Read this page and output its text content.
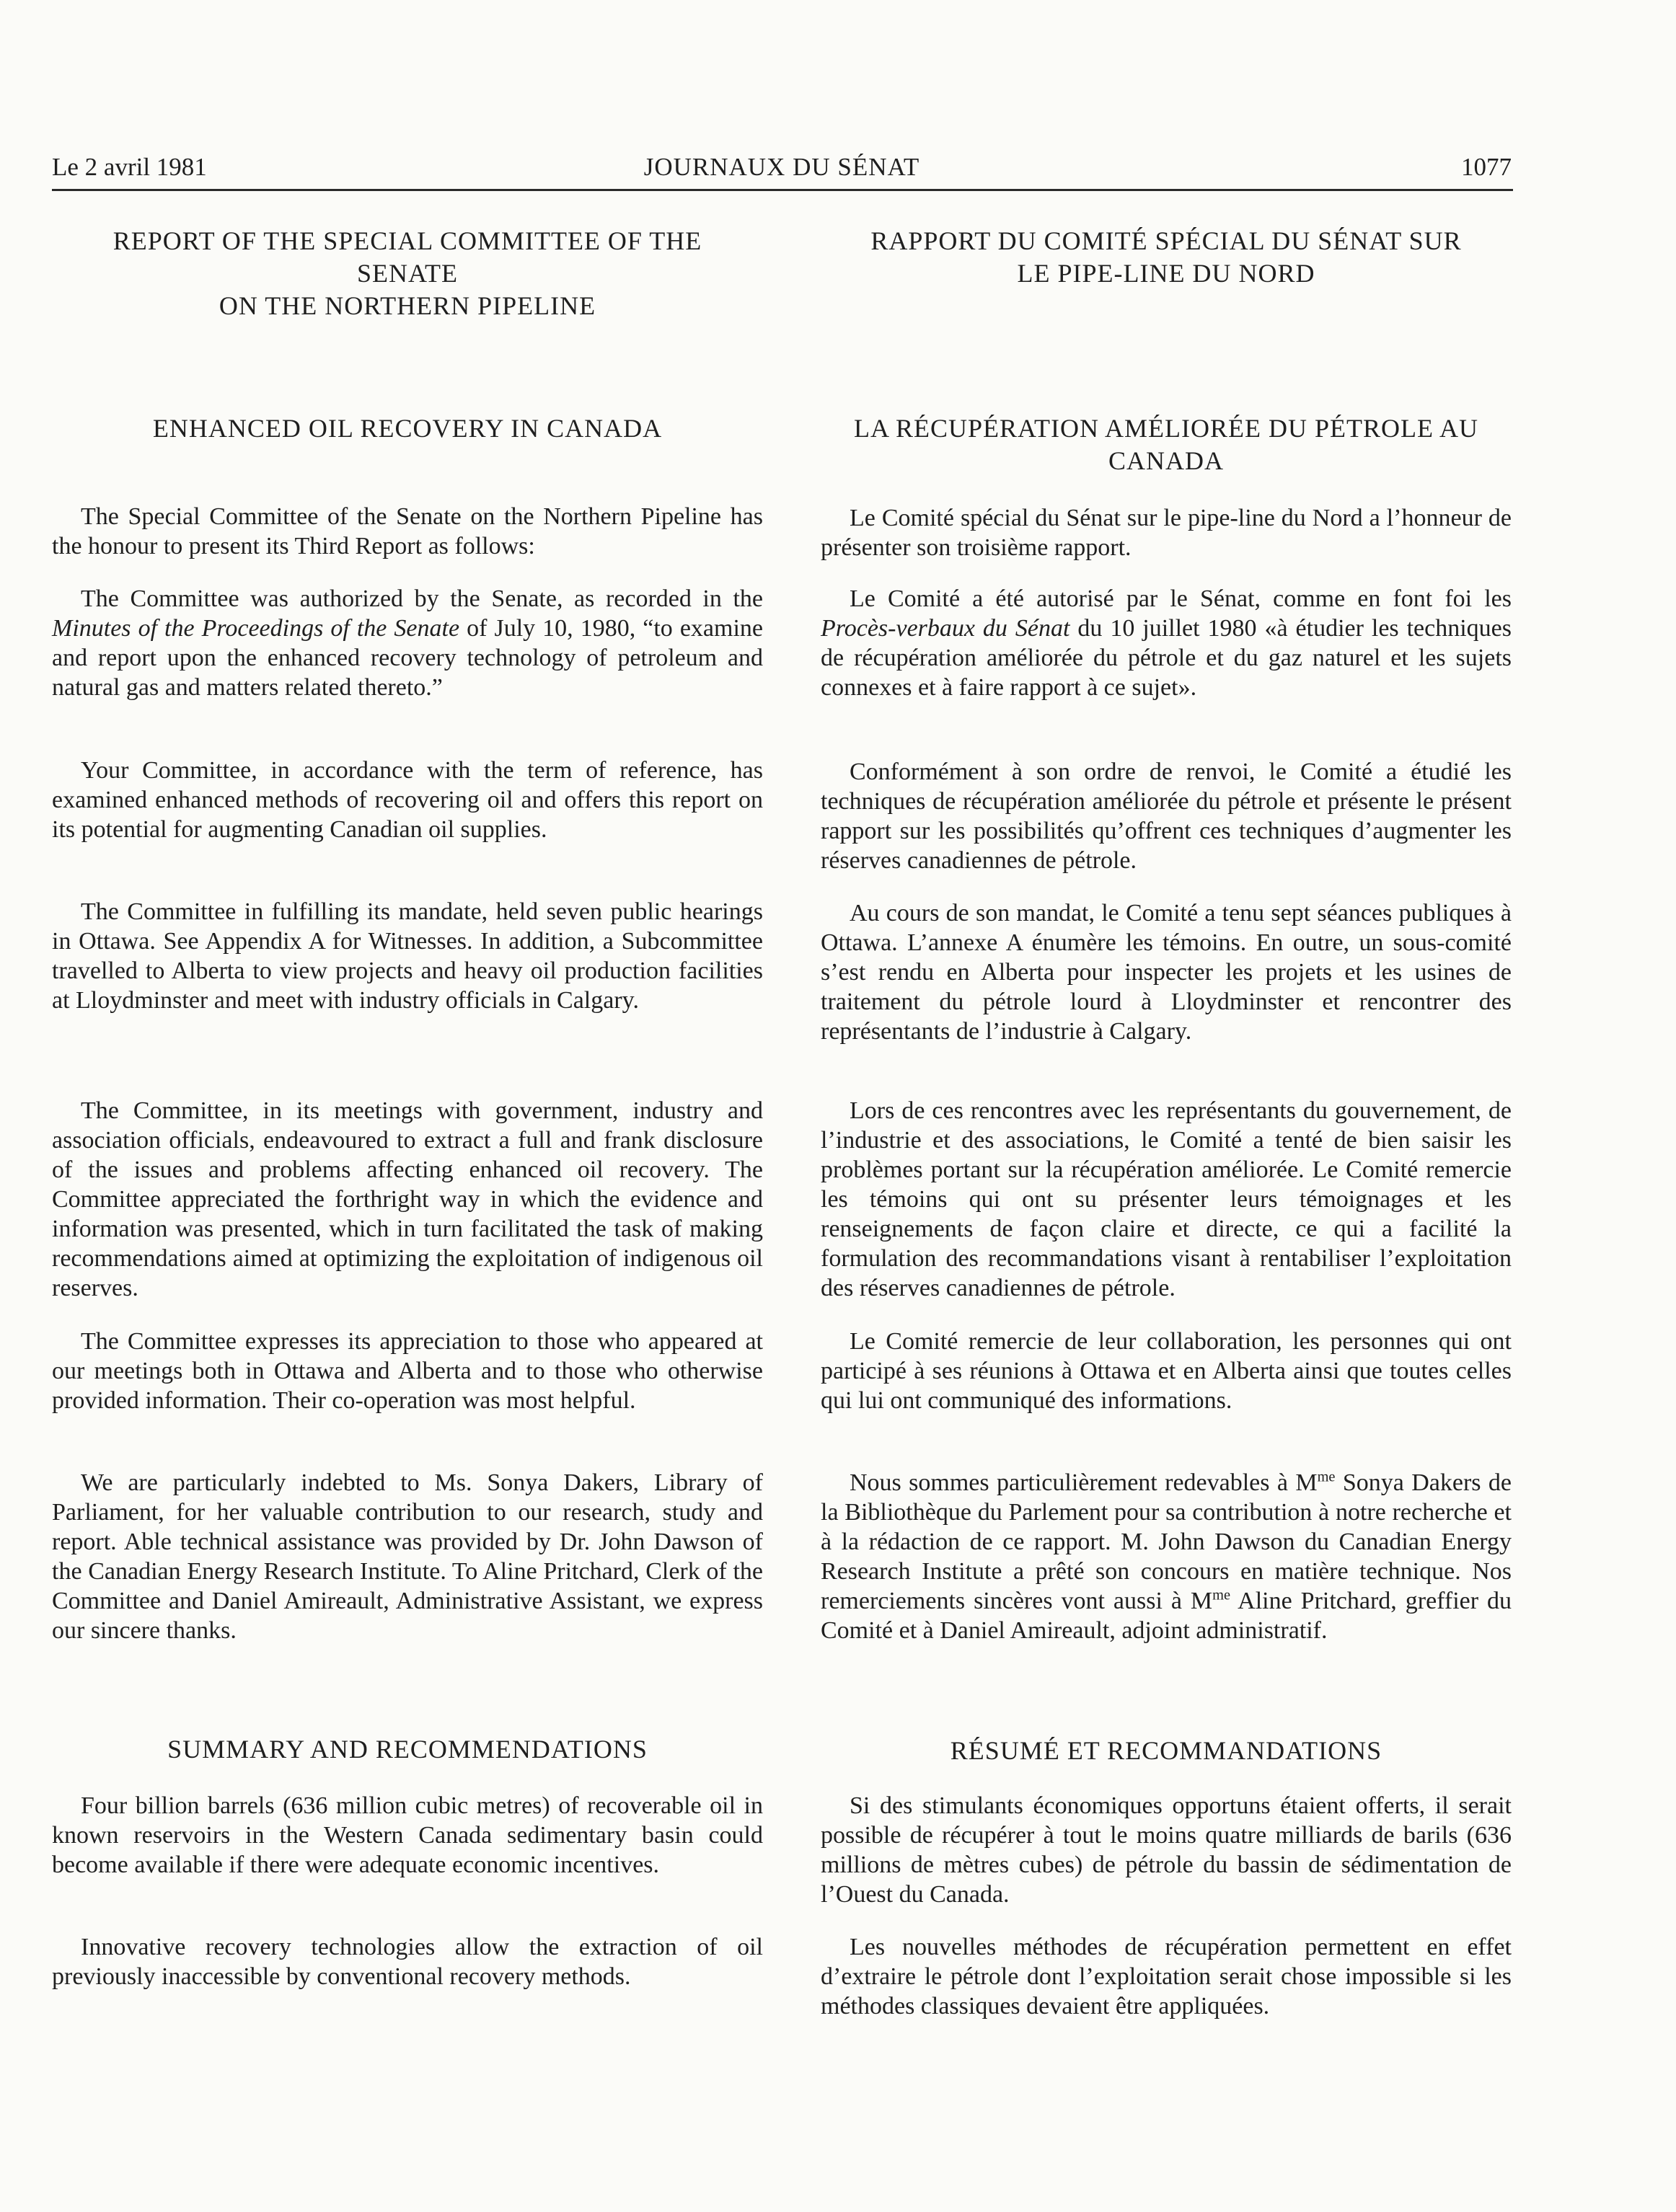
Le 2 avril 1981	JOURNAUX DU SÉNAT	1077
REPORT OF THE SPECIAL COMMITTEE OF THE
SENATE
ON THE NORTHERN PIPELINE
ENHANCED OIL RECOVERY IN CANADA

The Special Committee of the Senate on the Northern Pipeline has the honour to present its Third Report as follows:

The Committee was authorized by the Senate, as recorded in the Minutes of the Proceedings of the Senate of July 10, 1980, “to examine and report upon the enhanced recovery technology of petroleum and natural gas and matters related thereto.”

Your Committee, in accordance with the term of reference, has examined enhanced methods of recovering oil and offers this report on its potential for augmenting Canadian oil supplies.

The Committee in fulfilling its mandate, held seven public hearings in Ottawa. See Appendix A for Witnesses. In addition, a Subcommittee travelled to Alberta to view projects and heavy oil production facilities at Lloydminster and meet with industry officials in Calgary.

The Committee, in its meetings with government, industry and association officials, endeavoured to extract a full and frank disclosure of the issues and problems affecting enhanced oil recovery. The Committee appreciated the forthright way in which the evidence and information was presented, which in turn facilitated the task of making recommendations aimed at optimizing the exploitation of indigenous oil reserves.

The Committee expresses its appreciation to those who appeared at our meetings both in Ottawa and Alberta and to those who otherwise provided information. Their co-operation was most helpful.

We are particularly indebted to Ms. Sonya Dakers, Library of Parliament, for her valuable contribution to our research, study and report. Able technical assistance was provided by Dr. John Dawson of the Canadian Energy Research Institute. To Aline Pritchard, Clerk of the Committee and Daniel Amireault, Administrative Assistant, we express our sincere thanks.

SUMMARY AND RECOMMENDATIONS

Four billion barrels (636 million cubic metres) of recoverable oil in known reservoirs in the Western Canada sedimentary basin could become available if there were adequate economic incentives.

Innovative recovery technologies allow the extraction of oil previously inaccessible by conventional recovery methods.

RAPPORT DU COMITÉ SPÉCIAL DU SÉNAT SUR
LE PIPE-LINE DU NORD
LA RÉCUPÉRATION AMÉLIORÉE DU PÉTROLE AU
CANADA

Le Comité spécial du Sénat sur le pipe-line du Nord a l’honneur de présenter son troisième rapport.

Le Comité a été autorisé par le Sénat, comme en font foi les Procès-verbaux du Sénat du 10 juillet 1980 «à étudier les techniques de récupération améliorée du pétrole et du gaz naturel et les sujets connexes et à faire rapport à ce sujet».

Conformément à son ordre de renvoi, le Comité a étudié les techniques de récupération améliorée du pétrole et présente le présent rapport sur les possibilités qu’offrent ces techniques d’augmenter les réserves canadiennes de pétrole.

Au cours de son mandat, le Comité a tenu sept séances publiques à Ottawa. L’annexe A énumère les témoins. En outre, un sous-comité s’est rendu en Alberta pour inspecter les projets et les usines de traitement du pétrole lourd à Lloydminster et rencontrer des représentants de l’industrie à Calgary.

Lors de ces rencontres avec les représentants du gouvernement, de l’industrie et des associations, le Comité a tenté de bien saisir les problèmes portant sur la récupération améliorée. Le Comité remercie les témoins qui ont su présenter leurs témoignages et les renseignements de façon claire et directe, ce qui a facilité la formulation des recommandations visant à rentabiliser l’exploitation des réserves canadiennes de pétrole.

Le Comité remercie de leur collaboration, les personnes qui ont participé à ses réunions à Ottawa et en Alberta ainsi que toutes celles qui lui ont communiqué des informations.

Nous sommes particulièrement redevables à $M^{me}$ Sonya Dakers de la Bibliothèque du Parlement pour sa contribution à notre recherche et à la rédaction de ce rapport. M. John Dawson du Canadian Energy Research Institute a prêté son concours en matière technique. Nos remerciements sincères vont aussi à $M^{me}$ Aline Pritchard, greffier du Comité et à Daniel Amireault, adjoint administratif.

RÉSUMÉ ET RECOMMANDATIONS

Si des stimulants économiques opportuns étaient offerts, il serait possible de récupérer à tout le moins quatre milliards de barils (636 millions de mètres cubes) de pétrole du bassin de sédimentation de l’Ouest du Canada.

Les nouvelles méthodes de récupération permettent en effet d’extraire le pétrole dont l’exploitation serait chose impossible si les méthodes classiques devaient être appliquées.
